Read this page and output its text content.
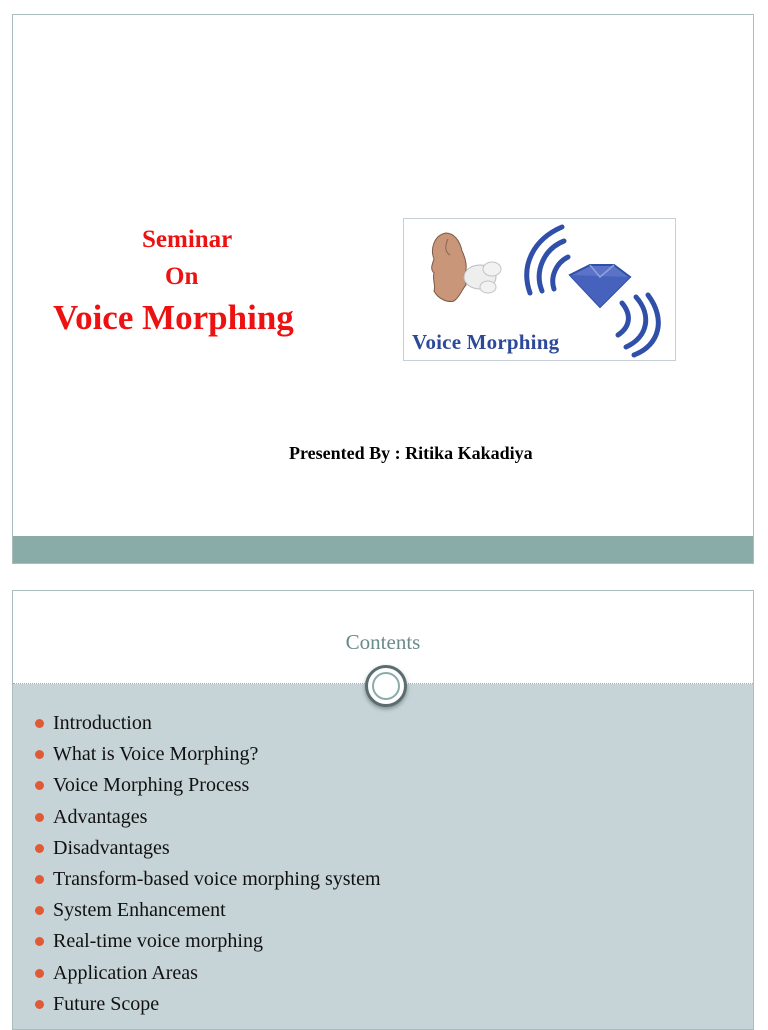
Seminar
On
Voice Morphing
Voice Morphing
Presented By : Ritika Kakadiya
Contents
Introduction
What is Voice Morphing?
Voice Morphing Process
Advantages
Disadvantages
Transform-based voice morphing system
System Enhancement
Real-time voice morphing
Application Areas
Future Scope
